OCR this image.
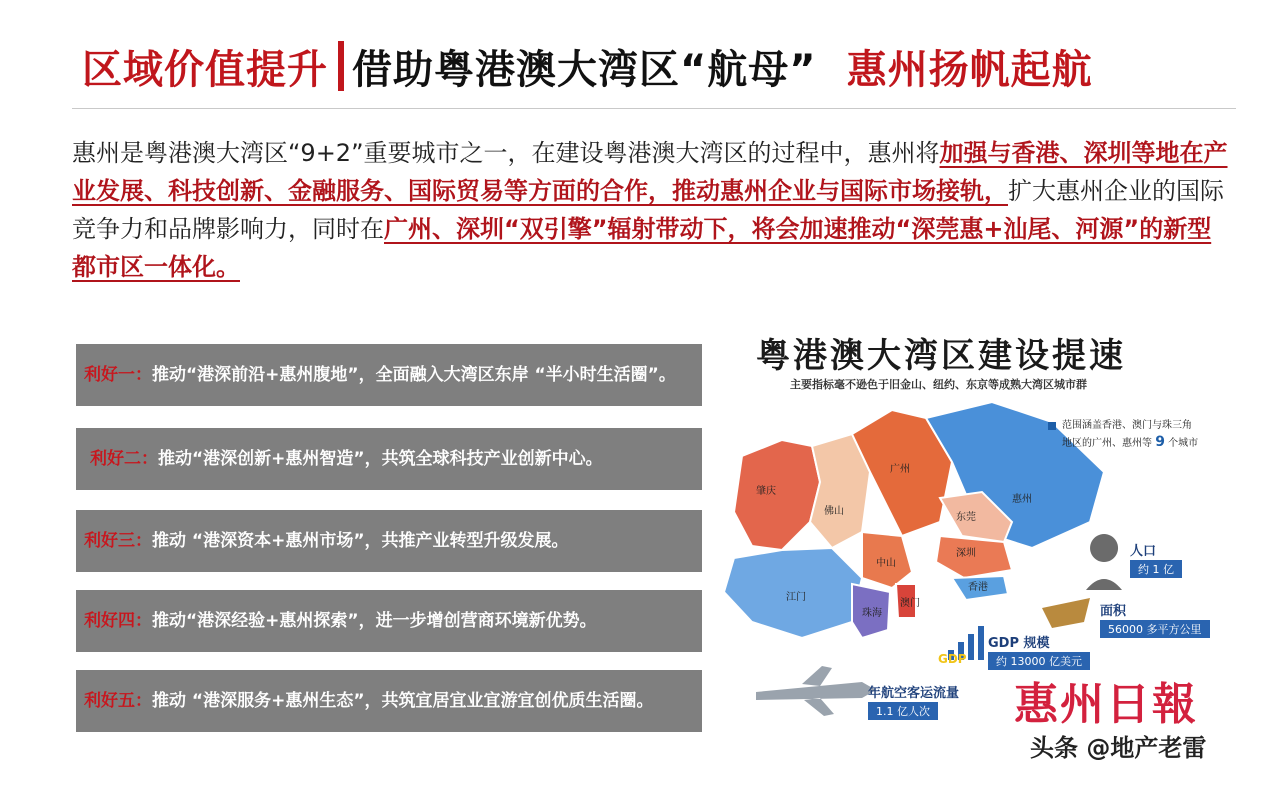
区域价值提升 借助粤港澳大湾区“航母” 惠州扬帆起航
惠州是粤港澳大湾区“9+2”重要城市之一，在建设粤港澳大湾区的过程中，惠州将加强与香港、深圳等地在产业发展、科技创新、金融服务、国际贸易等方面的合作，推动惠州企业与国际市场接轨，扩大惠州企业的国际竞争力和品牌影响力，同时在广州、深圳“双引擎”辐射带动下，将会加速推动“深莞惠+汕尾、河源”的新型都市区一体化。

利好一：推动“港深前沿+惠州腹地”，全面融入大湾区东岸 “半小时生活圈”。

利好二：推动“港深创新+惠州智造”，共筑全球科技产业创新中心。

利好三：推动 “港深资本+惠州市场”，共推产业转型升级发展。

利好四：推动“港深经验+惠州探索”，进一步增创营商环境新优势。

利好五：推动 “港深服务+惠州生态”，共筑宜居宜业宜游宜创优质生活圈。

粤港澳大湾区建设提速
主要指标毫不逊色于旧金山、纽约、东京等成熟大湾区城市群
范围涵盖香港、澳门与珠三角
地区的广州、惠州等 9 个城市
肇庆
佛山
广州
惠州
东莞
深圳
中山
江门
香港
珠海
澳门
人口
约 1 亿
面积
56000 多平方公里
GDP 规模
约 13000 亿美元
GDP
年航空客运流量
1.1 亿人次 惠州日報
头条 @地产老雷
